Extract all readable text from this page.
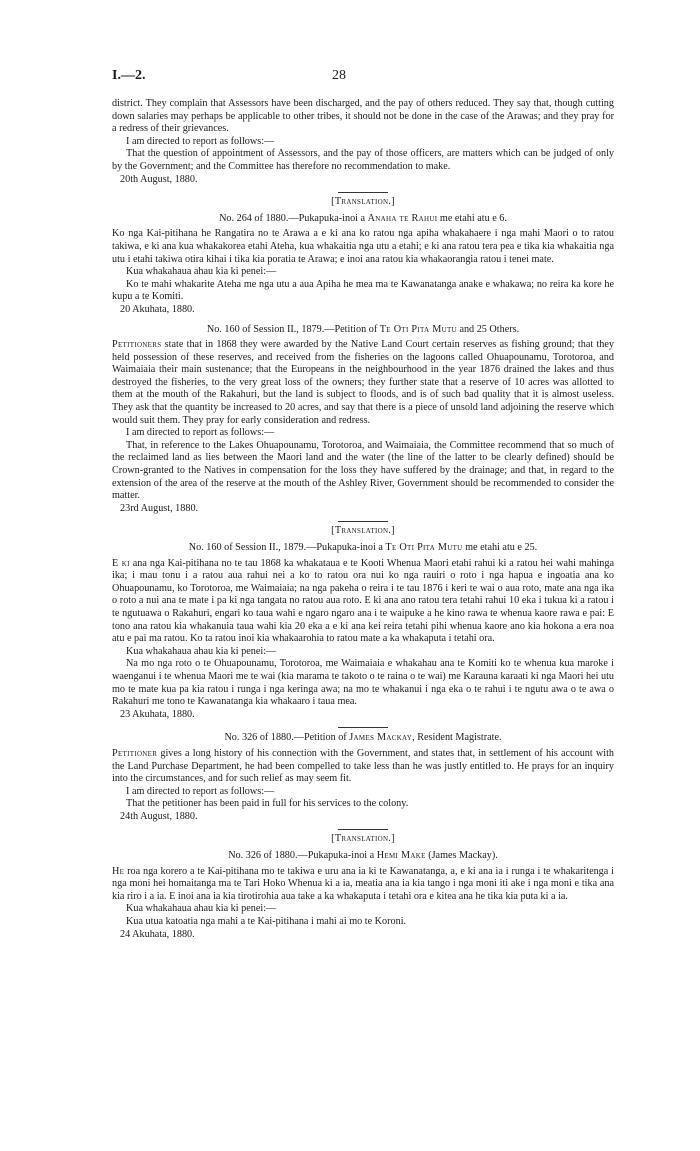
I.—2.	28

district. They complain that Assessors have been discharged, and the pay of others reduced. They say that, though cutting down salaries may perhaps be applicable to other tribes, it should not be done in the case of the Arawas; and they pray for a redress of their grievances.

I am directed to report as follows:—

That the question of appointment of Assessors, and the pay of those officers, are matters which can be judged of only by the Government; and the Committee has therefore no recommendation to make.

20th August, 1880.

[Translation.]

No. 264 of 1880.—Pukapuka-inoi a Anaha te Rahui me etahi atu e 6.

Ko nga Kai-pitihana he Rangatira no te Arawa a e ki ana ko ratou nga apiha whakahaere i nga mahi Maori o to ratou takiwa, e ki ana kua whakakorea etahi Ateha, kua whakaitia nga utu a etahi; e ki ana ratou tera pea e tika kia whakaitia nga utu i etahi takiwa otira kihai i tika kia poratia te Arawa; e inoi ana ratou kia whakaorangia ratou i tenei mate.

Kua whakahaua ahau kia ki penei:—

Ko te mahi whakarite Ateha me nga utu a aua Apiha he mea ma te Kawanatanga anake e whakawa; no reira ka kore he kupu a te Komiti.

20 Akuhata, 1880.

No. 160 of Session II., 1879.—Petition of Te Oti Pita Mutu and 25 Others.

Petitioners state that in 1868 they were awarded by the Native Land Court certain reserves as fishing ground; that they held possession of these reserves, and received from the fisheries on the lagoons called Ohuapounamu, Torotoroa, and Waimaiaia their main sustenance; that the Europeans in the neighbourhood in the year 1876 drained the lakes and thus destroyed the fisheries, to the very great loss of the owners; they further state that a reserve of 10 acres was allotted to them at the mouth of the Rakahuri, but the land is subject to floods, and is of such bad quality that it is almost useless. They ask that the quantity be increased to 20 acres, and say that there is a piece of unsold land adjoining the reserve which would suit them. They pray for early consideration and redress.

I am directed to report as follows:—

That, in reference to the Lakes Ohuapounamu, Torotoroa, and Waimaiaia, the Committee recommend that so much of the reclaimed land as lies between the Maori land and the water (the line of the latter to be clearly defined) should be Crown-granted to the Natives in compensation for the loss they have suffered by the drainage; and that, in regard to the extension of the area of the reserve at the mouth of the Ashley River, Government should be recommended to consider the matter.

23rd August, 1880.

[Translation.]

No. 160 of Session II., 1879.—Pukapuka-inoi a Te Oti Pita Mutu me etahi atu e 25.

E ki ana nga Kai-pitihana no te tau 1868 ka whakataua e te Kooti Whenua Maori etahi rahui ki a ratou hei wahi mahinga ika; i mau tonu i a ratou aua rahui nei a ko to ratou ora nui ko nga rauiri o roto i nga hapua e ingoatia ana ko Ohuapounamu, ko Torotoroa, me Waimaiaia; na nga pakeha o reira i te tau 1876 i keri te wai o aua roto, mate ana nga ika o roto a nui ana te mate i pa ki nga tangata no ratou aua roto. E ki ana ano ratou tera tetahi rahui 10 eka i tukua ki a ratou i te ngutuawa o Rakahuri, engari ko taua wahi e ngaro ngaro ana i te waipuke a he kino rawa te whenua kaore rawa e pai: E tono ana ratou kia whakanuia taua wahi kia 20 eka a e ki ana kei reira tetahi pihi whenua kaore ano kia hokona a era noa atu e pai ma ratou. Ko ta ratou inoi kia whakaarohia to ratou mate a ka whakaputa i tetahi ora.

Kua whakahaua ahau kia ki penei:—

Na mo nga roto o te Ohuapounamu, Torotoroa, me Waimaiaia e whakahau ana te Komiti ko te whenua kua maroke i waenganui i te whenua Maori me te wai (kia marama te takoto o te raina o te wai) me Karauna karaati ki nga Maori hei utu mo te mate kua pa kia ratou i runga i nga keringa awa; na mo te whakanui i nga eka o te rahui i te ngutu awa o te awa o Rakahuri me tono te Kawanatanga kia whakaaro i taua mea.

23 Akuhata, 1880.

No. 326 of 1880.—Petition of James Mackay, Resident Magistrate.

Petitioner gives a long history of his connection with the Government, and states that, in settlement of his account with the Land Purchase Department, he had been compelled to take less than he was justly entitled to. He prays for an inquiry into the circumstances, and for such relief as may seem fit.

I am directed to report as follows:—

That the petitioner has been paid in full for his services to the colony.

24th August, 1880.

[Translation.]

No. 326 of 1880.—Pukapuka-inoi a Hemi Make (James Mackay).

He roa nga korero a te Kai-pitihana mo te takiwa e uru ana ia ki te Kawanatanga, a, e ki ana ia i runga i te whakaritenga i nga moni hei homaitanga ma te Tari Hoko Whenua ki a ia, meatia ana ia kia tango i nga moni iti ake i nga moni e tika ana kia riro i a ia. E inoi ana ia kia tirotirohia aua take a ka whakaputa i tetahi ora e kitea ana he tika kia puta ki a ia.

Kua whakahaua ahau kia ki penei:—

Kua utua katoatia nga mahi a te Kai-pitihana i mahi ai mo te Koroni.

24 Akuhata, 1880.
